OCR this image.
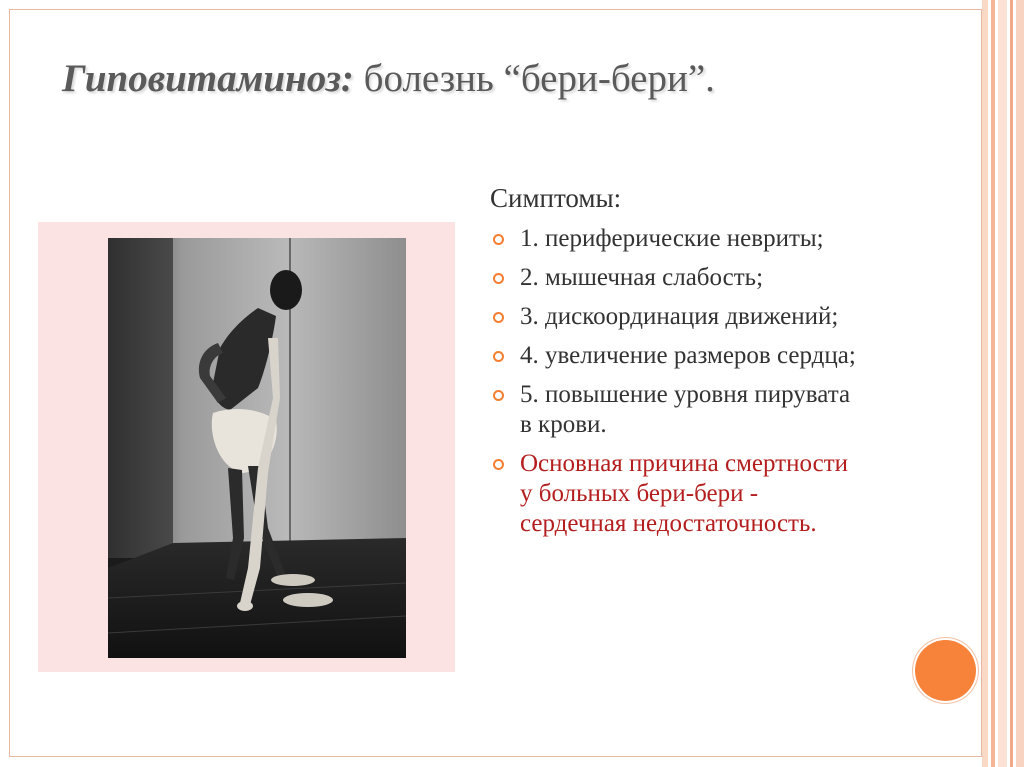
Гиповитаминоз: болезнь “бери-бери”.

Симптомы:

1. периферические невриты;
2. мышечная слабость;
3. дискоординация движений;
4. увеличение размеров сердца;
5. повышение уровня пирувата в крови.
Основная причина смертности у больных бери-бери - сердечная недостаточность.
